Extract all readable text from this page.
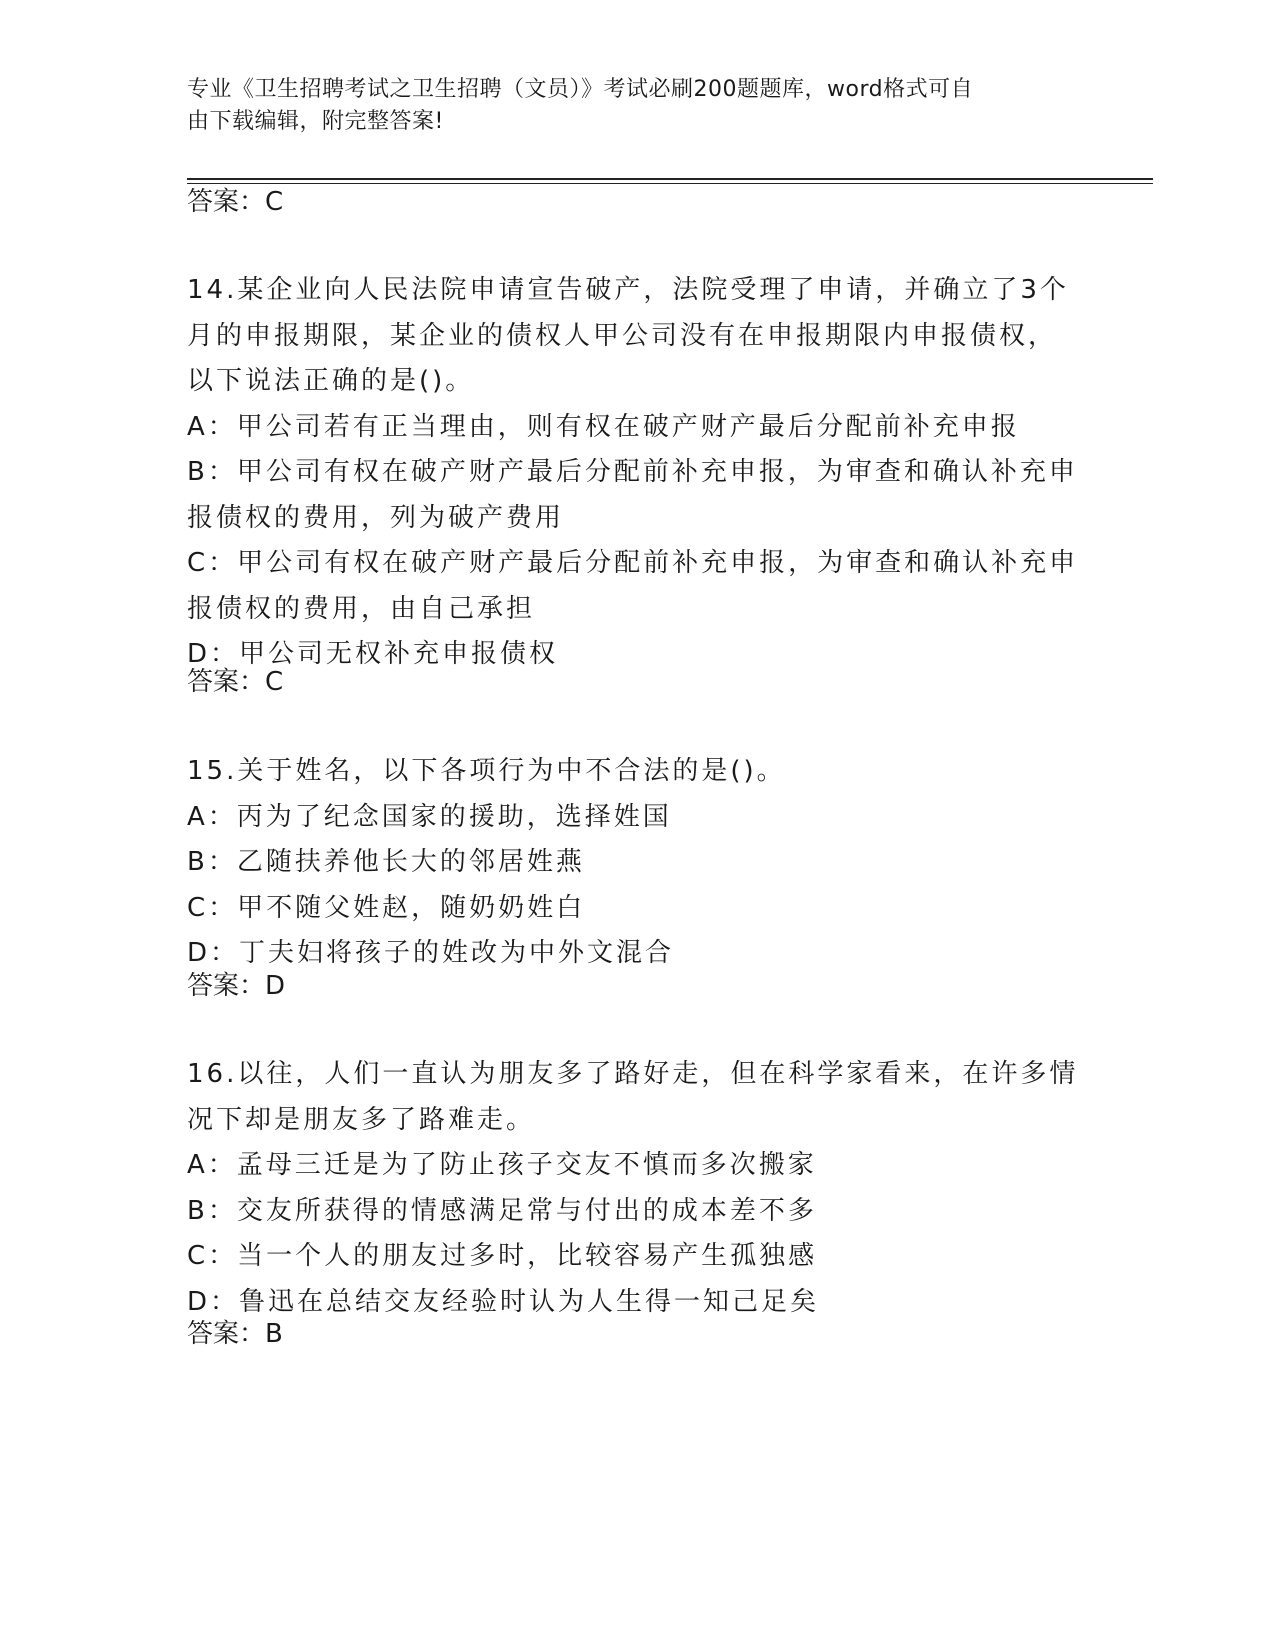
专业《卫生招聘考试之卫生招聘（文员）》考试必刷200题题库，word格式可自
由下载编辑，附完整答案!
答案：C

14.某企业向人民法院申请宣告破产，法院受理了申请，并确立了3个

月的申报期限，某企业的债权人甲公司没有在申报期限内申报债权，

以下说法正确的是()。

A：甲公司若有正当理由，则有权在破产财产最后分配前补充申报

B：甲公司有权在破产财产最后分配前补充申报，为审查和确认补充申

报债权的费用，列为破产费用

C：甲公司有权在破产财产最后分配前补充申报，为审查和确认补充申

报债权的费用，由自己承担

D：甲公司无权补充申报债权

答案：C

15.关于姓名，以下各项行为中不合法的是()。

A：丙为了纪念国家的援助，选择姓国

B：乙随扶养他长大的邻居姓燕

C：甲不随父姓赵，随奶奶姓白

D：丁夫妇将孩子的姓改为中外文混合

答案：D

16.以往，人们一直认为朋友多了路好走，但在科学家看来，在许多情

况下却是朋友多了路难走。

A：孟母三迁是为了防止孩子交友不慎而多次搬家

B：交友所获得的情感满足常与付出的成本差不多

C：当一个人的朋友过多时，比较容易产生孤独感

D：鲁迅在总结交友经验时认为人生得一知己足矣

答案：B
